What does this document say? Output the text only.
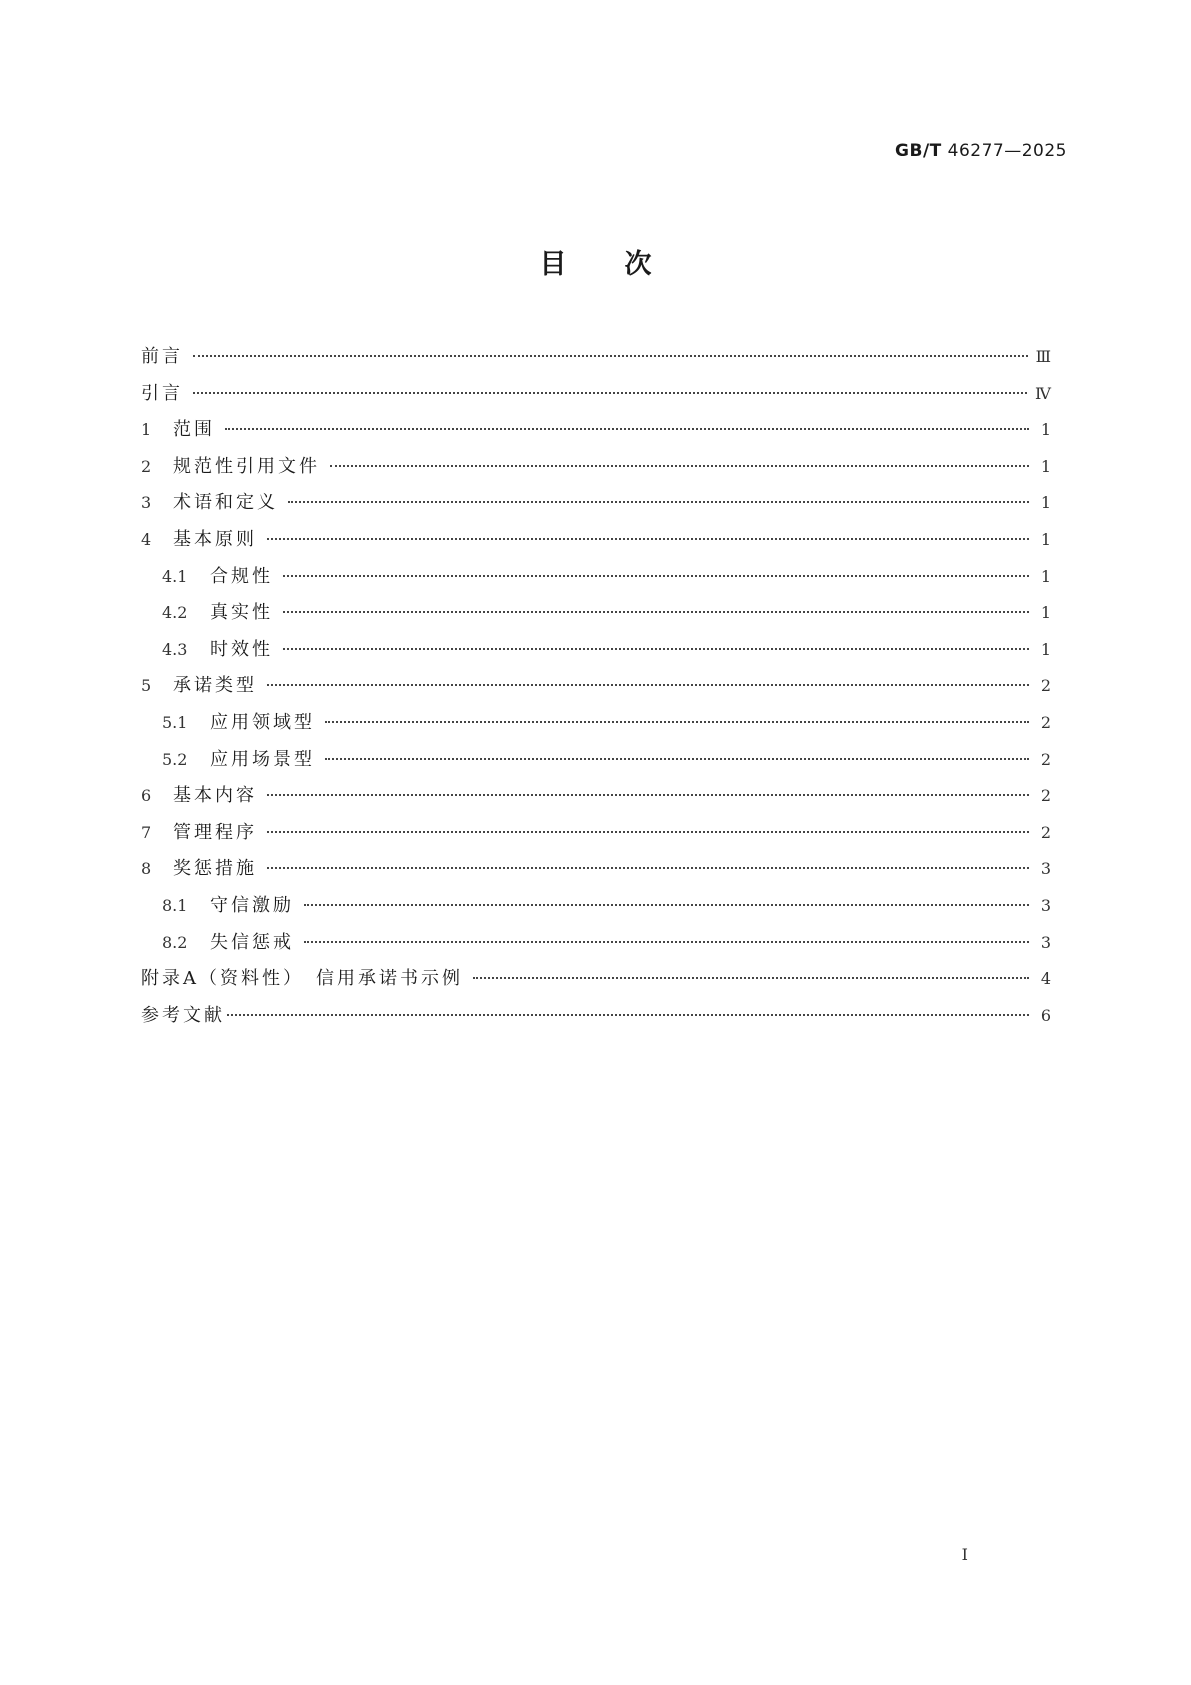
GB/T 46277—2025
目次
前言	Ⅲ
引言	Ⅳ
1	范围	1
2	规范性引用文件	1
3	术语和定义	1
4	基本原则	1
4.1	合规性	1
4.2	真实性	1
4.3	时效性	1
5	承诺类型	2
5.1	应用领域型	2
5.2	应用场景型	2
6	基本内容	2
7	管理程序	2
8	奖惩措施	3
8.1	守信激励	3
8.2	失信惩戒	3
附录A（资料性）　信用承诺书示例	4
参考文献	6
Ⅰ
